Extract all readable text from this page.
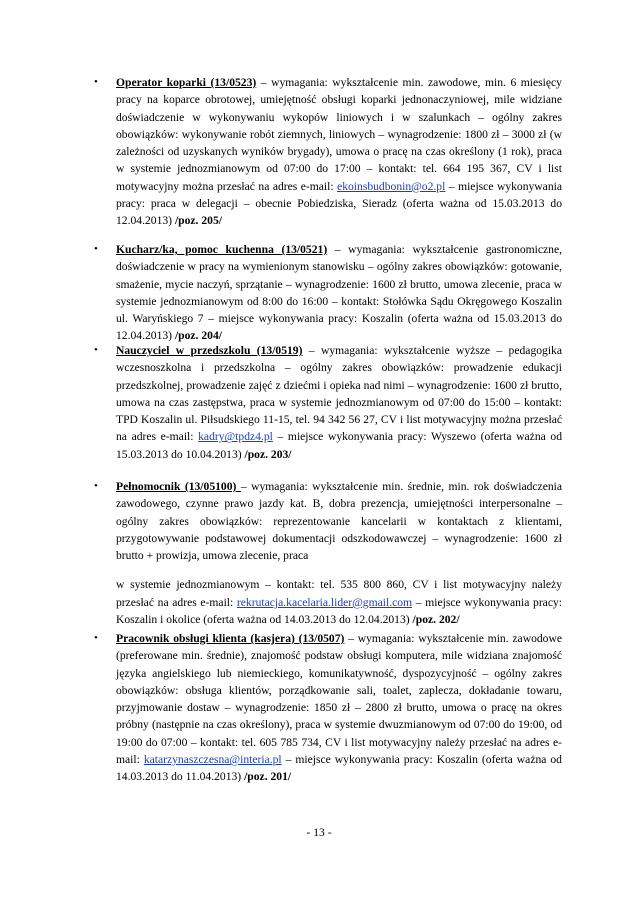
• Operator koparki (13/0523) – wymagania: wykształcenie min. zawodowe, min. 6 miesięcy pracy na koparce obrotowej, umiejętność obsługi koparki jednonaczyniowej, mile widziane doświadczenie w wykonywaniu wykopów liniowych i w szalunkach – ogólny zakres obowiązków: wykonywanie robót ziemnych, liniowych – wynagrodzenie: 1800 zł – 3000 zł (w zależności od uzyskanych wyników brygady), umowa o pracę na czas określony (1 rok), praca w systemie jednozmianowym od 07:00 do 17:00 – kontakt: tel. 664 195 367, CV i list motywacyjny można przesłać na adres e-mail: ekoinsbudbonin@o2.pl – miejsce wykonywania pracy: praca w delegacji – obecnie Pobiedziska, Sieradz (oferta ważna od 15.03.2013 do 12.04.2013) /poz. 205/

• Kucharz/ka, pomoc kuchenna (13/0521) – wymagania: wykształcenie gastronomiczne, doświadczenie w pracy na wymienionym stanowisku – ogólny zakres obowiązków: gotowanie, smażenie, mycie naczyń, sprzątanie – wynagrodzenie: 1600 zł brutto, umowa zlecenie, praca w systemie jednozmianowym od 8:00 do 16:00 – kontakt: Stołówka Sądu Okręgowego Koszalin ul. Waryńskiego 7 – miejsce wykonywania pracy: Koszalin (oferta ważna od 15.03.2013 do 12.04.2013) /poz. 204/

• Nauczyciel w przedszkolu (13/0519) – wymagania: wykształcenie wyższe – pedagogika wczesnoszkolna i przedszkolna – ogólny zakres obowiązków: prowadzenie edukacji przedszkolnej, prowadzenie zajęć z dziećmi i opieka nad nimi – wynagrodzenie: 1600 zł brutto, umowa na czas zastępstwa, praca w systemie jednozmianowym od 07:00 do 15:00 – kontakt: TPD Koszalin ul. Piłsudskiego 11-15, tel. 94 342 56 27, CV i list motywacyjny można przesłać na adres e-mail: kadry@tpdz4.pl – miejsce wykonywania pracy: Wyszewo (oferta ważna od 15.03.2013 do 10.04.2013) /poz. 203/

• Pełnomocnik (13/05100) – wymagania: wykształcenie min. średnie, min. rok doświadczenia zawodowego, czynne prawo jazdy kat. B, dobra prezencja, umiejętności interpersonalne – ogólny zakres obowiązków: reprezentowanie kancelarii w kontaktach z klientami, przygotowywanie podstawowej dokumentacji odszkodowawczej – wynagrodzenie: 1600 zł brutto + prowizja, umowa zlecenie, praca
w systemie jednozmianowym – kontakt: tel. 535 800 860, CV i list motywacyjny należy przesłać na adres e-mail: rekrutacja.kacelaria.lider@gmail.com – miejsce wykonywania pracy: Koszalin i okolice (oferta ważna od 14.03.2013 do 12.04.2013) /poz. 202/

• Pracownik obsługi klienta (kasjera) (13/0507) – wymagania: wykształcenie min. zawodowe (preferowane min. średnie), znajomość podstaw obsługi komputera, mile widziana znajomość języka angielskiego lub niemieckiego, komunikatywność, dyspozycyjność – ogólny zakres obowiązków: obsługa klientów, porządkowanie sali, toalet, zaplecza, dokładanie towaru, przyjmowanie dostaw – wynagrodzenie: 1850 zł – 2800 zł brutto, umowa o pracę na okres próbny (następnie na czas określony), praca w systemie dwuzmianowym od 07:00 do 19:00, od 19:00 do 07:00 – kontakt: tel. 605 785 734, CV i list motywacyjny należy przesłać na adres e-mail: katarzynaszczesna@interia.pl – miejsce wykonywania pracy: Koszalin (oferta ważna od 14.03.2013 do 11.04.2013) /poz. 201/

- 13 -
